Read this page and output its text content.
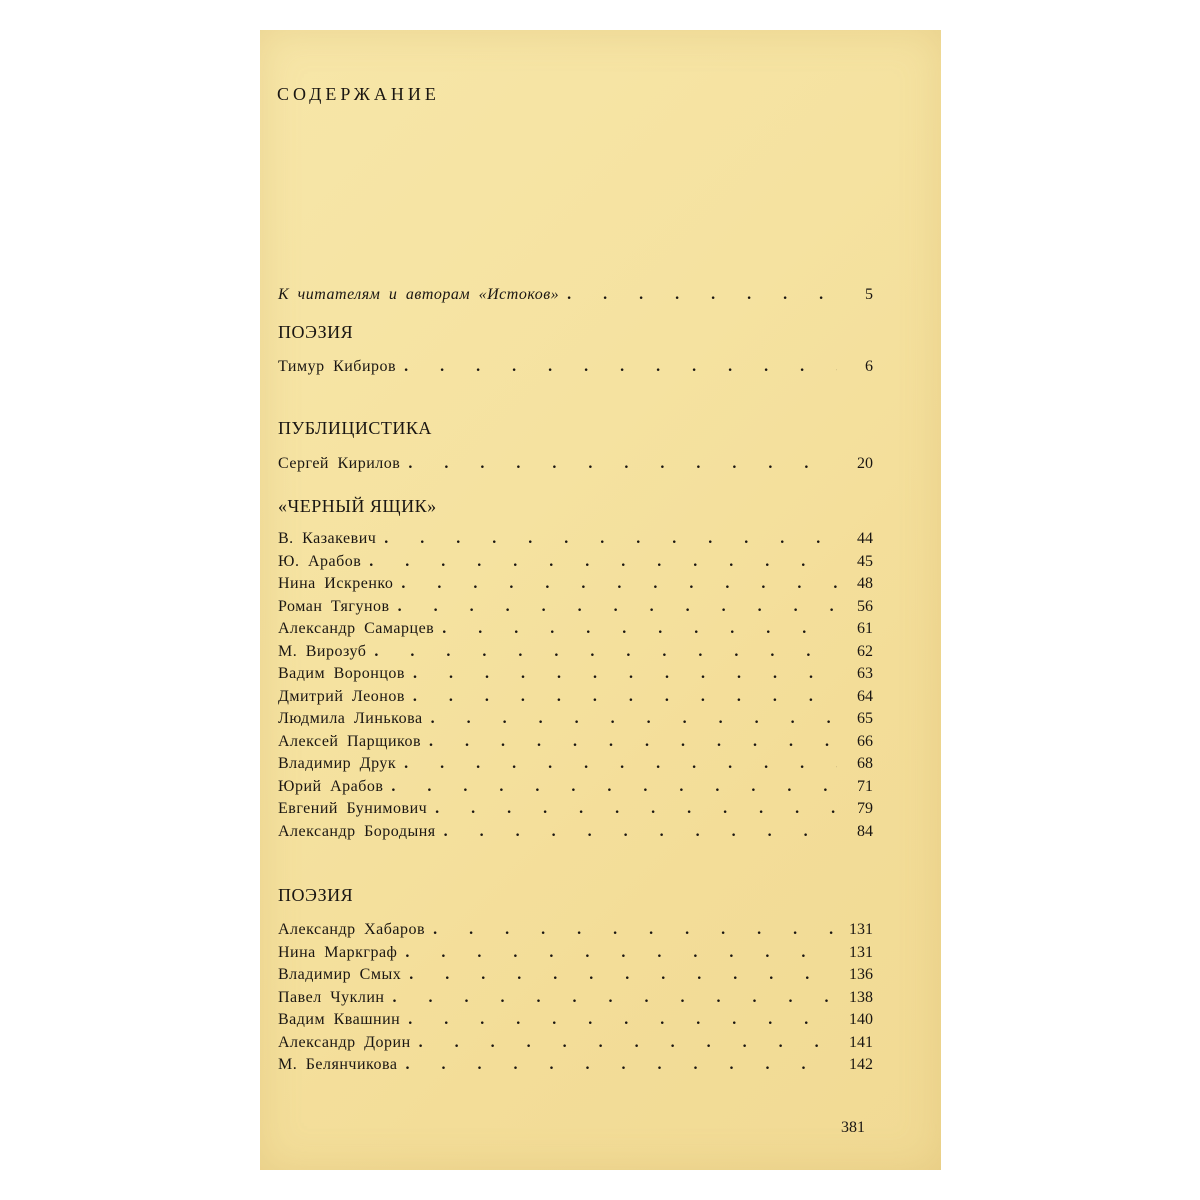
СОДЕРЖАНИЕ
К читателям и авторам «Истоков» . . .	5
ПОЭЗИЯ
Тимур Кибиров . . .	6
ПУБЛИЦИСТИКА
Сергей Кирилов . . .	20
«ЧЕРНЫЙ ЯЩИК»
В. Казакевич . . .	44
Ю. Арабов . . .	45
Нина Искренко . . .	48
Роман Тягунов . . .	56
Александр Самарцев . . .	61
М. Вирозуб . . .	62
Вадим Воронцов . . .	63
Дмитрий Леонов . . .	64
Людмила Линькова . . .	65
Алексей Парщиков . . .	66
Владимир Друк . . .	68
Юрий Арабов . . .	71
Евгений Бунимович . . .	79
Александр Бородыня . . .	84
ПОЭЗИЯ
Александр Хабаров . . .	131
Нина Маркграф . . .	131
Владимир Смых . . .	136
Павел Чуклин . . .	138
Вадим Квашнин . . .	140
Александр Дорин . . .	141
М. Белянчикова . . .	142
381
